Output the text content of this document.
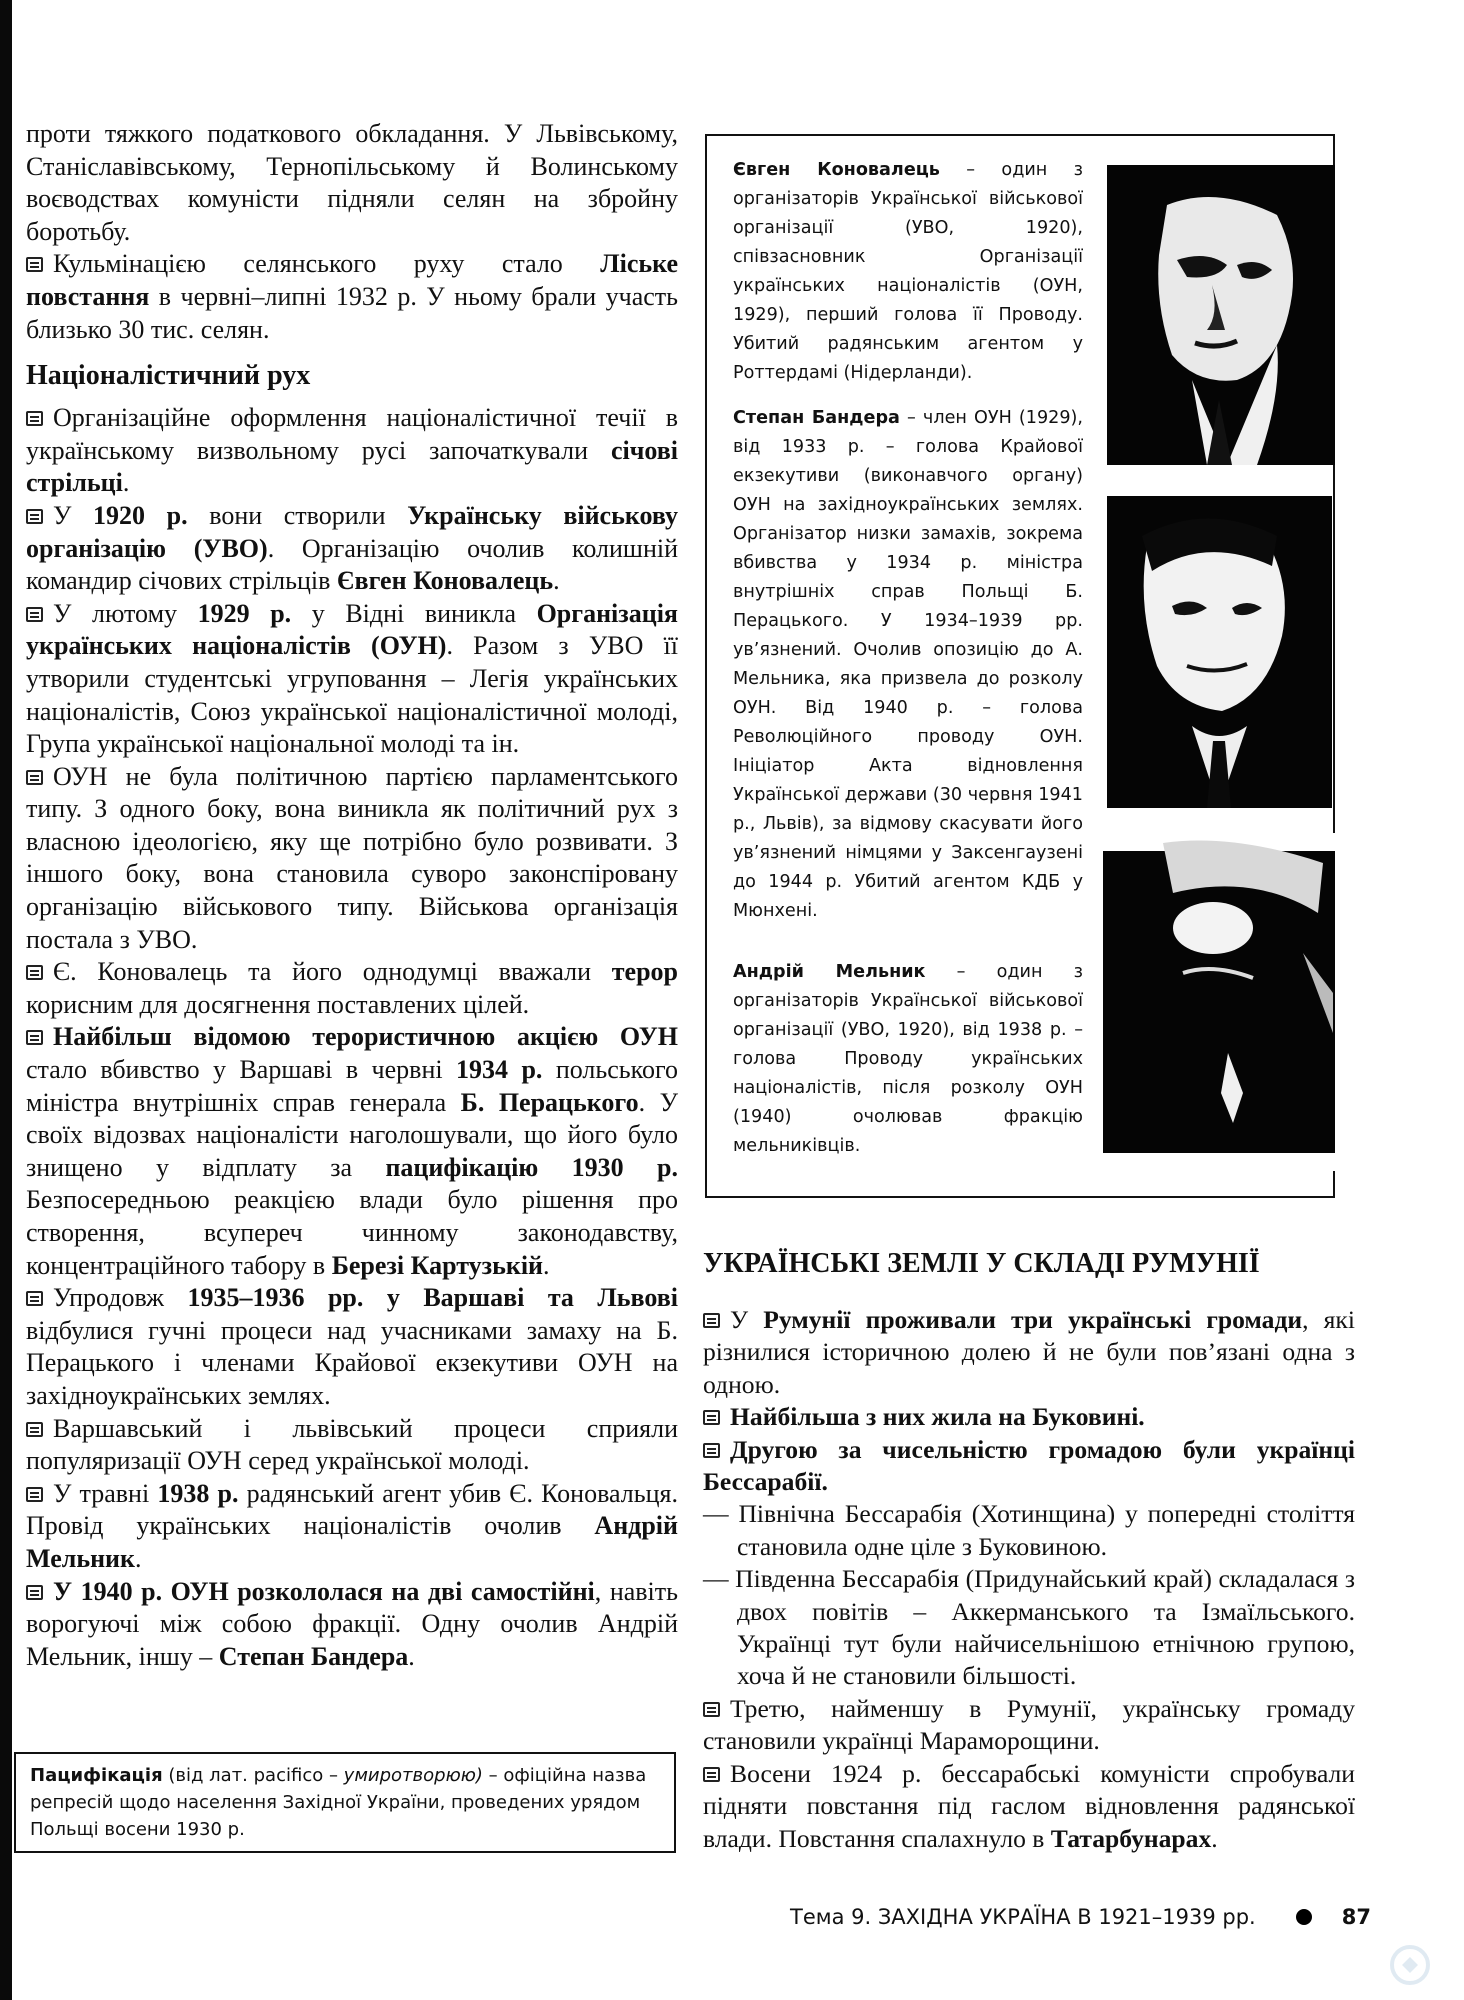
проти тяжкого податкового обкладання. У Львівському, Станіславівському, Тернопільському й Волинському воєводствах комуністи підняли селян на збройну боротьбу.
Кульмінацією селянського руху стало Ліське повстання в червні–липні 1932 р. У ньому брали участь близько 30 тис. селян.
Націоналістичний рух
Організаційне оформлення націоналістичної течії в українському визвольному русі започаткували січові стрільці.
У 1920 р. вони створили Українську військову організацію (УВО). Організацію очолив колишній командир січових стрільців Євген Коновалець.
У лютому 1929 р. у Відні виникла Організація українських націоналістів (ОУН). Разом з УВО її утворили студентські угруповання – Легія українських націоналістів, Союз української націоналістичної молоді, Група української національної молоді та ін.
ОУН не була політичною партією парламентського типу. З одного боку, вона виникла як політичний рух з власною ідеологією, яку ще потрібно було розвивати. З іншого боку, вона становила суворо законспіровану організацію військового типу. Військова організація постала з УВО.
Є. Коновалець та його однодумці вважали терор корисним для досягнення поставлених цілей.
Найбільш відомою терористичною акцією ОУН стало вбивство у Варшаві в червні 1934 р. польського міністра внутрішніх справ генерала Б. Перацького. У своїх відозвах націоналісти наголошували, що його було знищено у відплату за пацифікацію 1930 р. Безпосередньою реакцією влади було рішення про створення, всупереч чинному законодавству, концентраційного табору в Березі Картузькій.
Упродовж 1935–1936 рр. у Варшаві та Львові відбулися гучні процеси над учасниками замаху на Б. Перацького і членами Крайової екзекутиви ОУН на західноукраїнських землях.
Варшавський і львівський процеси сприяли популяризації ОУН серед української молоді.
У травні 1938 р. радянський агент убив Є. Коновальця. Провід українських націоналістів очолив Андрій Мельник.
У 1940 р. ОУН розкололася на дві самостійні, навіть ворогуючі між собою фракції. Одну очолив Андрій Мельник, іншу – Степан Бандера.
Пацифікація (від лат. pacifico – умиротворюю) – офіційна назва репресій щодо населення Західної України, проведених урядом Польщі восени 1930 р.
Євген Коновалець – один з організаторів Української військової організації (УВО, 1920), співзасновник Організації українських націоналістів (ОУН, 1929), перший голова її Проводу. Убитий радянським агентом у Роттердамі (Нідерланди).
Степан Бандера – член ОУН (1929), від 1933 р. – голова Крайової екзекутиви (виконавчого органу) ОУН на західноукраїнських землях. Організатор низки замахів, зокрема вбивства у 1934 р. міністра внутрішніх справ Польщі Б. Перацького. У 1934–1939 рр. ув’язнений. Очолив опозицію до А. Мельника, яка призвела до розколу ОУН. Від 1940 р. – голова Революційного проводу ОУН. Ініціатор Акта відновлення Української держави (30 червня 1941 р., Львів), за відмову скасувати його ув’язнений німцями у Заксенгаузені до 1944 р. Убитий агентом КДБ у Мюнхені.
Андрій Мельник – один з організаторів Української військової організації (УВО, 1920), від 1938 р. – голова Проводу українських націоналістів, після розколу ОУН (1940) очолював фракцію мельниківців.
УКРАЇНСЬКІ ЗЕМЛІ У СКЛАДІ РУМУНІЇ
У Румунії проживали три українські громади, які різнилися історичною долею й не були пов’язані одна з одною.
Найбільша з них жила на Буковині.
Другою за чисельністю громадою були українці Бессарабії.
— Північна Бессарабія (Хотинщина) у попередні століття становила одне ціле з Буковиною.
— Південна Бессарабія (Придунайський край) складалася з двох повітів – Аккерманського та Ізмаїльського. Українці тут були найчисельнішою етнічною групою, хоча й не становили більшості.
Третю, найменшу в Румунії, українську громаду становили українці Мараморощини.
Восени 1924 р. бессарабські комуністи спробували підняти повстання під гаслом відновлення радянської влади. Повстання спалахнуло в Татарбунарах.
Тема 9. ЗАХІДНА УКРАЇНА В 1921–1939 рр.	87
